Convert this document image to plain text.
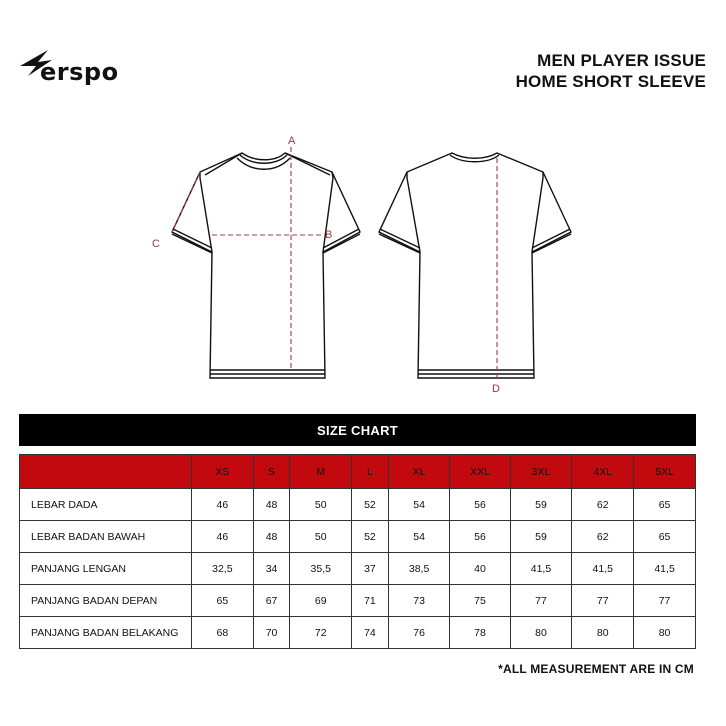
erspo	MEN PLAYER ISSUE
HOME SHORT SLEEVE
A
B
C
D
SIZE CHART
	XS	S	M	L	XL	XXL	3XL	4XL	5XL
LEBAR DADA	46	48	50	52	54	56	59	62	65
LEBAR BADAN BAWAH	46	48	50	52	54	56	59	62	65
PANJANG LENGAN	32,5	34	35,5	37	38,5	40	41,5	41,5	41,5
PANJANG BADAN DEPAN	65	67	69	71	73	75	77	77	77
PANJANG BADAN BELAKANG	68	70	72	74	76	78	80	80	80
*ALL MEASUREMENT ARE IN CM
